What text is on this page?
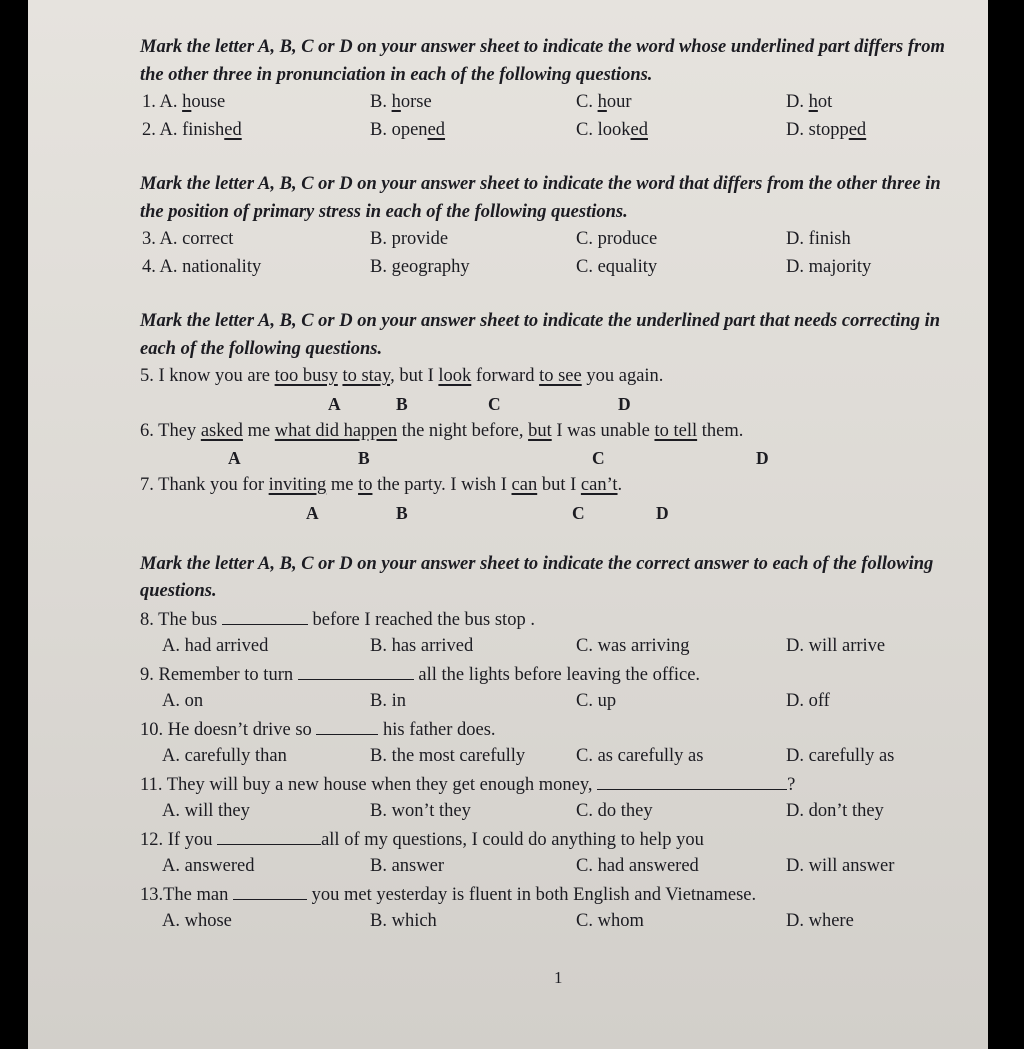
Mark the letter A, B, C or D on your answer sheet to indicate the word whose underlined part differs from the other three in pronunciation in each of the following questions.

1. A. house	B. horse	C. hour	D. hot
2. A. finished	B. opened	C. looked	D. stopped

Mark the letter A, B, C or D on your answer sheet to indicate the word that differs from the other three in the position of primary stress in each of the following questions.

3. A. correct	B. provide	C. produce	D. finish
4. A. nationality	B. geography	C. equality	D. majority

Mark the letter A, B, C or D on your answer sheet to indicate the underlined part that needs correcting in each of the following questions.

5. I know you are too busy to stay, but I look forward to see you again.
A	B	C	D
6. They asked me what did happen the night before, but I was unable to tell them.
A	B	C	D
7. Thank you for inviting me to the party. I wish I can but I can’t.
A	B	C	D

Mark the letter A, B, C or D on your answer sheet to indicate the correct answer to each of the following questions.

8. The bus	before I reached the bus stop .
A. had arrived	B. has arrived	C. was arriving	D. will arrive
9. Remember to turn	all the lights before leaving the office.
A. on	B. in	C. up	D. off
10. He doesn’t drive so	his father does.
A. carefully than	B. the most carefully	C. as carefully as	D. carefully as
11. They will buy a new house when they get enough money,	?
A. will they	B. won’t they	C. do they	D. don’t they
12. If you	all of my questions, I could do anything to help you
A. answered	B. answer	C. had answered	D. will answer
13.The man	you met yesterday is fluent in both English and Vietnamese.
A. whose	B. which	C. whom	D. where
1
